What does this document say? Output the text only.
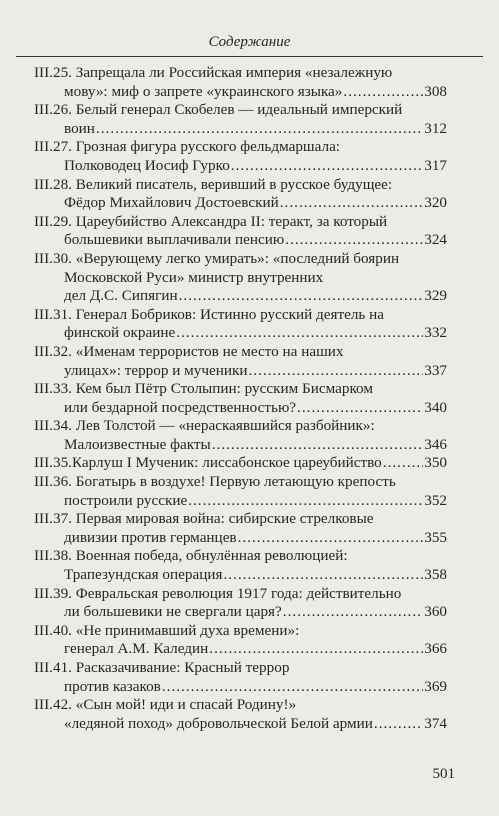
Содержание
III.25. Запрещала ли Российская империя «незалежную
мову»: миф о запрете «украинского языка» .....	308
III.26. Белый генерал Скобелев — идеальный имперский
воин .....	312
III.27. Грозная фигура русского фельдмаршала:
Полководец Иосиф Гурко .....	317
III.28. Великий писатель, веривший в русское будущее:
Фёдор Михайлович Достоевский .....	320
III.29. Цареубийство Александра II: теракт, за который
большевики выплачивали пенсию .....	324
III.30. «Верующему легко умирать»: «последний боярин
Московской Руси» министр внутренних
дел Д.С. Сипягин .....	329
III.31. Генерал Бобриков: Истинно русский деятель на
финской окраине .....	332
III.32. «Именам террористов не место на наших
улицах»: террор и мученики .....	337
III.33. Кем был Пётр Столыпин: русским Бисмарком
или бездарной посредственностью? .....	340
III.34. Лев Толстой — «нераскаявшийся разбойник»:
Малоизвестные факты .....	346
III.35. Карлуш I Мученик: лиссабонское цареубийство .....	350
III.36. Богатырь в воздухе! Первую летающую крепость
построили русские .....	352
III.37. Первая мировая война: сибирские стрелковые
дивизии против германцев .....	355
III.38. Военная победа, обнулённая революцией:
Трапезундская операция .....	358
III.39. Февральская революция 1917 года: действительно
ли большевики не свергали царя? .....	360
III.40. «Не принимавший духа времени»:
генерал А.М. Каледин .....	366
III.41. Расказачивание: Красный террор
против казаков .....	369
III.42. «Сын мой! иди и спасай Родину!»
«ледяной поход» добровольческой Белой армии .....	374
501
